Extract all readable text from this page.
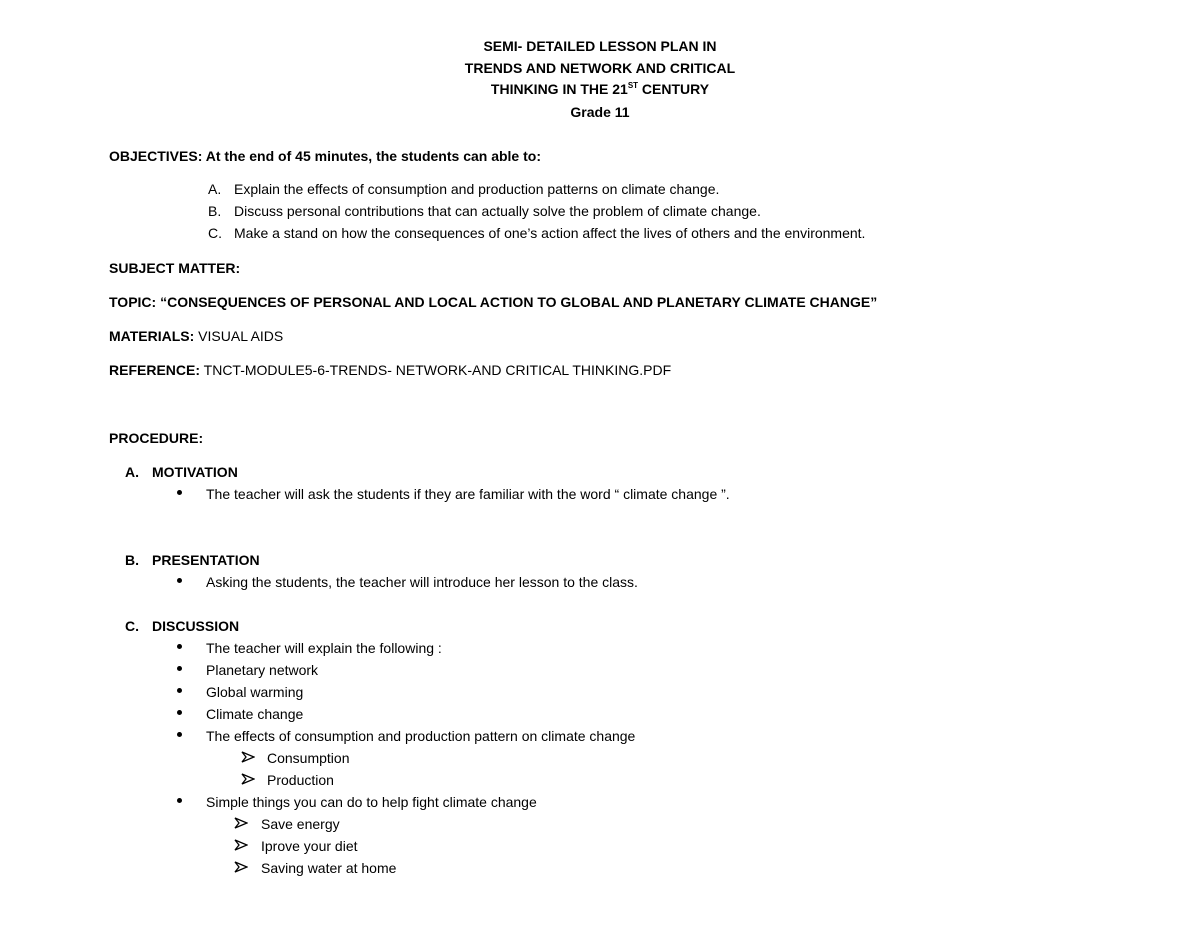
SEMI- DETAILED LESSON PLAN IN
TRENDS AND NETWORK AND CRITICAL
THINKING IN THE 21ST CENTURY
Grade 11
OBJECTIVES: At the end of 45 minutes, the students can able to:
A. Explain the effects of consumption and production patterns on climate change.
B. Discuss personal contributions that can actually solve the problem of climate change.
C. Make a stand on how the consequences of one’s action affect the lives of others and the environment.
SUBJECT MATTER:
TOPIC: “CONSEQUENCES OF PERSONAL AND LOCAL ACTION TO GLOBAL AND PLANETARY CLIMATE CHANGE”
MATERIALS: VISUAL AIDS
REFERENCE: TNCT-MODULE5-6-TRENDS- NETWORK-AND CRITICAL THINKING.PDF
PROCEDURE:
A. MOTIVATION
The teacher will ask the students if they are familiar with the word “ climate change ”.
B. PRESENTATION
Asking the students, the teacher will introduce her lesson to the class.
C. DISCUSSION
The teacher will explain the following :
Planetary network
Global warming
Climate change
The effects of consumption and production pattern on climate change
Consumption
Production
Simple things you can do to help fight climate change
Save energy
Iprove your diet
Saving water at home
